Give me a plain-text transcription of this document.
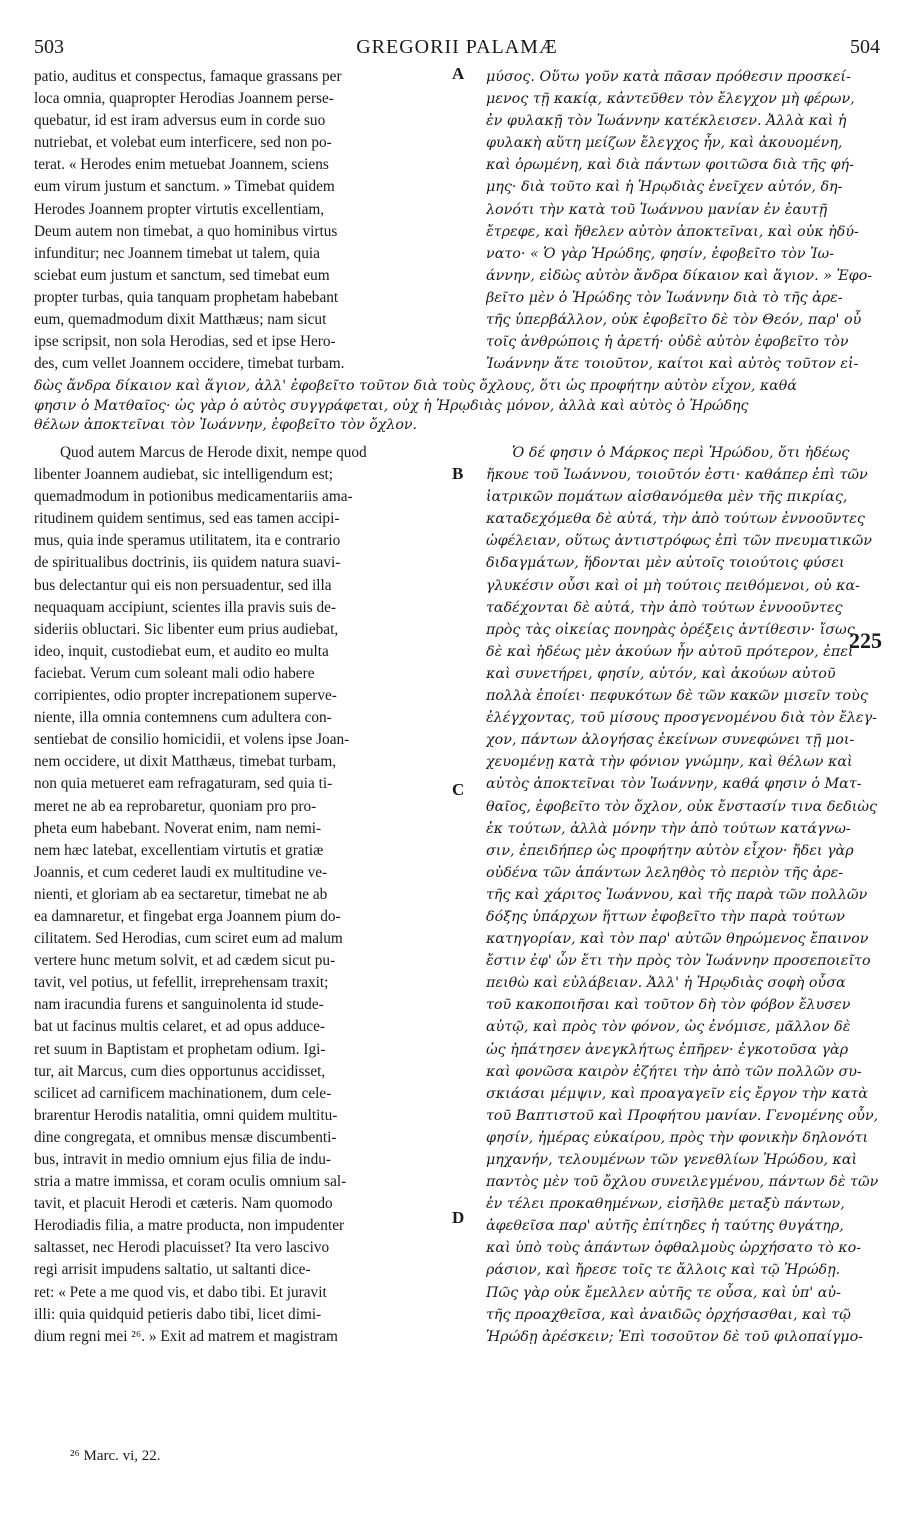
503	GREGORII PALAMÆ	504
patio, auditus et conspectus, famaque grassans per
loca omnia, quapropter Herodias Joannem perse-
quebatur, id est iram adversus eum in corde suo
nutriebat, et volebat eum interficere, sed non po-
terat. « Herodes enim metuebat Joannem, sciens
eum virum justum et sanctum. » Timebat quidem
Herodes Joannem propter virtutis excellentiam,
Deum autem non timebat, a quo hominibus virtus
infunditur; nec Joannem timebat ut talem, quia
sciebat eum justum et sanctum, sed timebat eum
propter turbas, quia tanquam prophetam habebant
eum, quemadmodum dixit Matthæus; nam sicut
ipse scripsit, non sola Herodias, sed et ipse Hero-
des, cum vellet Joannem occidere, timebat turbam.
μύσος. Οὕτω γοῦν κατὰ πᾶσαν πρόθεσιν προσκεί-
μενος τῇ κακίᾳ, κἀντεῦθεν τὸν ἔλεγχον μὴ φέρων,
ἐν φυλακῇ τὸν Ἰωάννην κατέκλεισεν. Ἀλλὰ καὶ ἡ
φυλακὴ αὕτη μείζων ἔλεγχος ἦν, καὶ ἀκουομένη,
καὶ ὁρωμένη, καὶ διὰ πάντων φοιτῶσα διὰ τῆς φή-
μης· διὰ τοῦτο καὶ ἡ Ἡρῳδιὰς ἐνεῖχεν αὐτόν, δη-
λονότι τὴν κατὰ τοῦ Ἰωάννου μανίαν ἐν ἑαυτῇ
ἔτρεφε, καὶ ἤθελεν αὐτὸν ἀποκτεῖναι, καὶ οὐκ ἠδύ-
νατο· « Ὁ γὰρ Ἡρώδης, φησίν, ἐφοβεῖτο τὸν Ἰω-
άννην, εἰδὼς αὐτὸν ἄνδρα δίκαιον καὶ ἅγιον. » Ἐφο-
βεῖτο μὲν ὁ Ἡρώδης τὸν Ἰωάννην διὰ τὸ τῆς ἀρε-
τῆς ὑπερβάλλον, οὐκ ἐφοβεῖτο δὲ τὸν Θεόν, παρ' οὗ
τοῖς ἀνθρώποις ἡ ἀρετή· οὐδὲ αὐτὸν ἐφοβεῖτο τὸν
Ἰωάννην ἅτε τοιοῦτον, καίτοι καὶ αὐτὸς τοῦτον εἰ-
δὼς ἄνδρα δίκαιον καὶ ἅγιον, ἀλλ' ἐφοβεῖτο τοῦτον διὰ τοὺς ὄχλους, ὅτι ὡς προφήτην αὐτὸν εἶχον, καθά
φησιν ὁ Ματθαῖος· ὡς γὰρ ὁ αὐτὸς συγγράφεται, οὐχ ἡ Ἡρῳδιὰς μόνον, ἀλλὰ καὶ αὐτὸς ὁ Ἡρώδης
θέλων ἀποκτεῖναι τὸν Ἰωάννην, ἐφοβεῖτο τὸν ὄχλον.
Quod autem Marcus de Herode dixit, nempe quod
libenter Joannem audiebat, sic intelligendum est;
quemadmodum in potionibus medicamentariis ama-
ritudinem quidem sentimus, sed eas tamen accipi-
mus, quia inde speramus utilitatem, ita e contrario
de spiritualibus doctrinis, iis quidem natura suavi-
bus delectantur qui eis non persuadentur, sed illa
nequaquam accipiunt, scientes illa pravis suis de-
sideriis obluctari. Sic libenter eum prius audiebat,
ideo, inquit, custodiebat eum, et audito eo multa
faciebat. Verum cum soleant mali odio habere
corripientes, odio propter increpationem superve-
niente, illa omnia contemnens cum adultera con-
sentiebat de consilio homicidii, et volens ipse Joan-
nem occidere, ut dixit Matthæus, timebat turbam,
non quia metueret eam refragaturam, sed quia ti-
meret ne ab ea reprobaretur, quoniam pro pro-
pheta eum habebant. Noverat enim, nam nemi-
nem hæc latebat, excellentiam virtutis et gratiæ
Joannis, et cum cederet laudi ex multitudine ve-
nienti, et gloriam ab ea sectaretur, timebat ne ab
ea damnaretur, et fingebat erga Joannem pium do-
cilitatem. Sed Herodias, cum sciret eum ad malum
vertere hunc metum solvit, et ad cædem sicut pu-
tavit, vel potius, ut fefellit, irreprehensam traxit;
nam iracundia furens et sanguinolenta id stude-
bat ut facinus multis celaret, et ad opus adduce-
ret suum in Baptistam et prophetam odium. Igi-
tur, ait Marcus, cum dies opportunus accidisset,
scilicet ad carnificem machinationem, dum cele-
brarentur Herodis natalitia, omni quidem multitu-
dine congregata, et omnibus mensæ discumbenti-
bus, intravit in medio omnium ejus filia de indu-
stria a matre immissa, et coram oculis omnium sal-
tavit, et placuit Herodi et cæteris. Nam quomodo
Herodiadis filia, a matre producta, non impudenter
saltasset, nec Herodi placuisset? Ita vero lascivo
regi arrisit impudens saltatio, ut saltanti dice-
ret: « Pete a me quod vis, et dabo tibi. Et juravit
illi: quia quidquid petieris dabo tibi, licet dimi-
dium regni mei ²⁶. » Exit ad matrem et magistram
Ὁ δέ φησιν ὁ Μάρκος περὶ Ἡρώδου, ὅτι ἡδέως
ἤκουε τοῦ Ἰωάννου, τοιοῦτόν ἐστι· καθάπερ ἐπὶ τῶν
ἰατρικῶν πομάτων αἰσθανόμεθα μὲν τῆς πικρίας,
καταδεχόμεθα δὲ αὐτά, τὴν ἀπὸ τούτων ἐννοοῦντες
ὠφέλειαν, οὕτως ἀντιστρόφως ἐπὶ τῶν πνευματικῶν
διδαγμάτων, ἥδονται μὲν αὐτοῖς τοιούτοις φύσει
γλυκέσιν οὖσι καὶ οἱ μὴ τούτοις πειθόμενοι, οὐ κα-
ταδέχονται δὲ αὐτά, τὴν ἀπὸ τούτων ἐννοοῦντες
πρὸς τὰς οἰκείας πονηρὰς ὀρέξεις ἀντίθεσιν· ἴσως
δὲ καὶ ἡδέως μὲν ἀκούων ἦν αὐτοῦ πρότερον, ἐπεὶ
καὶ συνετήρει, φησίν, αὐτόν, καὶ ἀκούων αὐτοῦ
πολλὰ ἐποίει· πεφυκότων δὲ τῶν κακῶν μισεῖν τοὺς
ἐλέγχοντας, τοῦ μίσους προσγενομένου διὰ τὸν ἔλεγ-
χον, πάντων ἀλογήσας ἐκείνων συνεφώνει τῇ μοι-
χευομένῃ κατὰ τὴν φόνιον γνώμην, καὶ θέλων καὶ
αὐτὸς ἀποκτεῖναι τὸν Ἰωάννην, καθά φησιν ὁ Ματ-
θαῖος, ἐφοβεῖτο τὸν ὄχλον, οὐκ ἔνστασίν τινα δεδιὼς
ἐκ τούτων, ἀλλὰ μόνην τὴν ἀπὸ τούτων κατάγνω-
σιν, ἐπειδήπερ ὡς προφήτην αὐτὸν εἶχον· ἤδει γὰρ
οὐδένα τῶν ἁπάντων λεληθὸς τὸ περιὸν τῆς ἀρε-
τῆς καὶ χάριτος Ἰωάννου, καὶ τῆς παρὰ τῶν πολλῶν
δόξης ὑπάρχων ἥττων ἐφοβεῖτο τὴν παρὰ τούτων
κατηγορίαν, καὶ τὸν παρ' αὐτῶν θηρώμενος ἔπαινον
ἔστιν ἐφ' ὧν ἔτι τὴν πρὸς τὸν Ἰωάννην προσεποιεῖτο
πειθὼ καὶ εὐλάβειαν. Ἀλλ' ἡ Ἡρῳδιὰς σοφὴ οὖσα
τοῦ κακοποιῆσαι καὶ τοῦτον δὴ τὸν φόβον ἔλυσεν
αὐτῷ, καὶ πρὸς τὸν φόνον, ὡς ἐνόμισε, μᾶλλον δὲ
ὡς ἠπάτησεν ἀνεγκλήτως ἐπῆρεν· ἐγκοτοῦσα γὰρ
καὶ φονῶσα καιρὸν ἐζήτει τὴν ἀπὸ τῶν πολλῶν συ-
σκιάσαι μέμψιν, καὶ προαγαγεῖν εἰς ἔργον τὴν κατὰ
τοῦ Βαπτιστοῦ καὶ Προφήτου μανίαν. Γενομένης οὖν,
φησίν, ἡμέρας εὐκαίρου, πρὸς τὴν φονικὴν δηλονότι
μηχανήν, τελουμένων τῶν γενεθλίων Ἡρώδου, καὶ
παντὸς μὲν τοῦ ὄχλου συνειλεγμένου, πάντων δὲ τῶν
ἐν τέλει προκαθημένων, εἰσῆλθε μεταξὺ πάντων,
ἀφεθεῖσα παρ' αὐτῆς ἐπίτηδες ἡ ταύτης θυγάτηρ,
καὶ ὑπὸ τοὺς ἁπάντων ὀφθαλμοὺς ὠρχήσατο τὸ κο-
ράσιον, καὶ ἤρεσε τοῖς τε ἄλλοις καὶ τῷ Ἡρώδῃ.
Πῶς γὰρ οὐκ ἔμελλεν αὐτῆς τε οὖσα, καὶ ὑπ' αὐ-
τῆς προαχθεῖσα, καὶ ἀναιδῶς ὀρχήσασθαι, καὶ τῷ
Ἡρώδῃ ἀρέσκειν; Ἐπὶ τοσοῦτον δὲ τοῦ φιλοπαίγμο-
A
B
C
D
225
²⁶ Marc. vi, 22.
